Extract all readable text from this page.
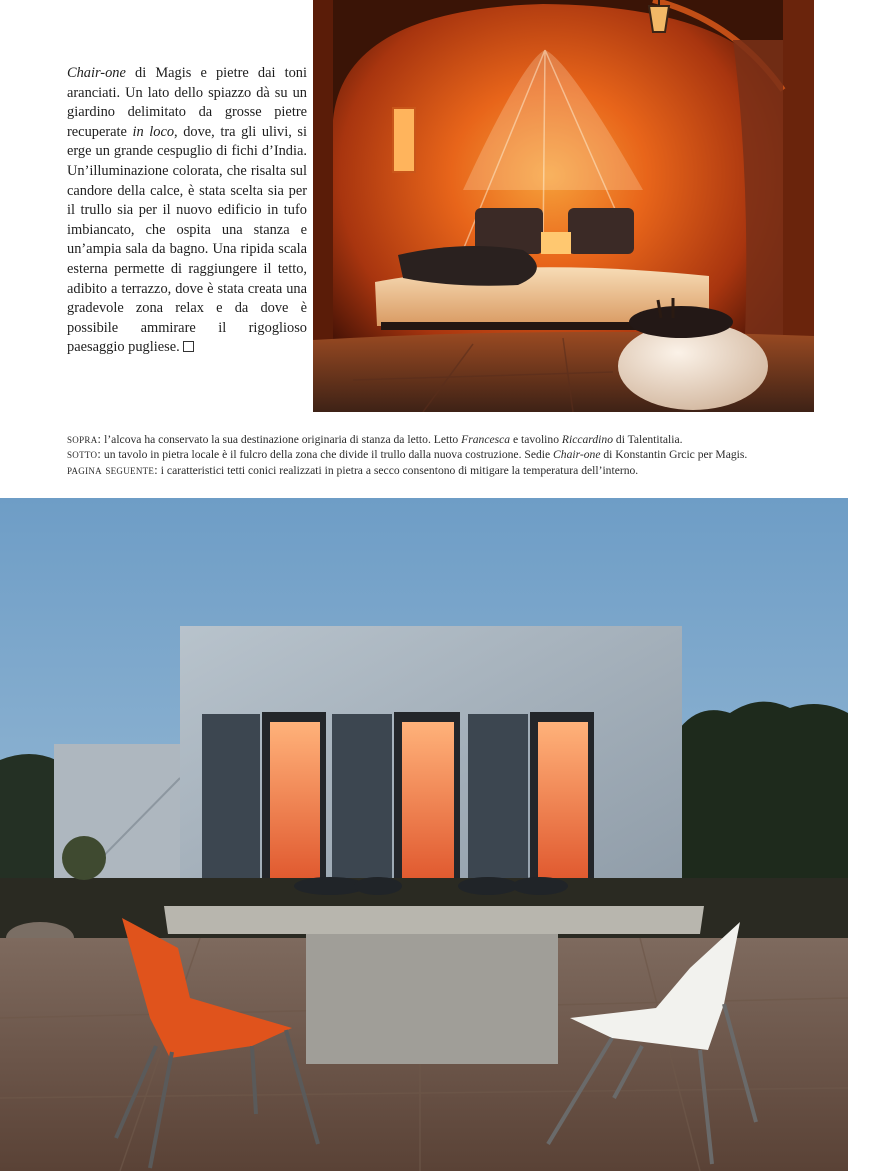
Chair-one di Magis e pietre dai toni aranciati. Un lato dello spiazzo dà su un giardino delimitato da grosse pietre recuperate in loco, dove, tra gli ulivi, si erge un grande cespuglio di fichi d’India. Un’illuminazione colorata, che risalta sul candore della calce, è stata scelta sia per il trullo sia per il nuovo edificio in tufo imbiancato, che ospita una stanza e un’ampia sala da bagno. Una ripida scala esterna permette di raggiungere il tetto, adibito a terrazzo, dove è stata creata una gradevole zona relax e da dove è possibile ammirare il rigoglioso paesaggio pugliese.

sopra: l’alcova ha conservato la sua destinazione originaria di stanza da letto. Letto Francesca e tavolino Riccardino di Talentitalia.

sotto: un tavolo in pietra locale è il fulcro della zona che divide il trullo dalla nuova costruzione. Sedie Chair-one di Konstantin Grcic per Magis.

pagina seguente: i caratteristici tetti conici realizzati in pietra a secco consentono di mitigare la temperatura dell’interno.
